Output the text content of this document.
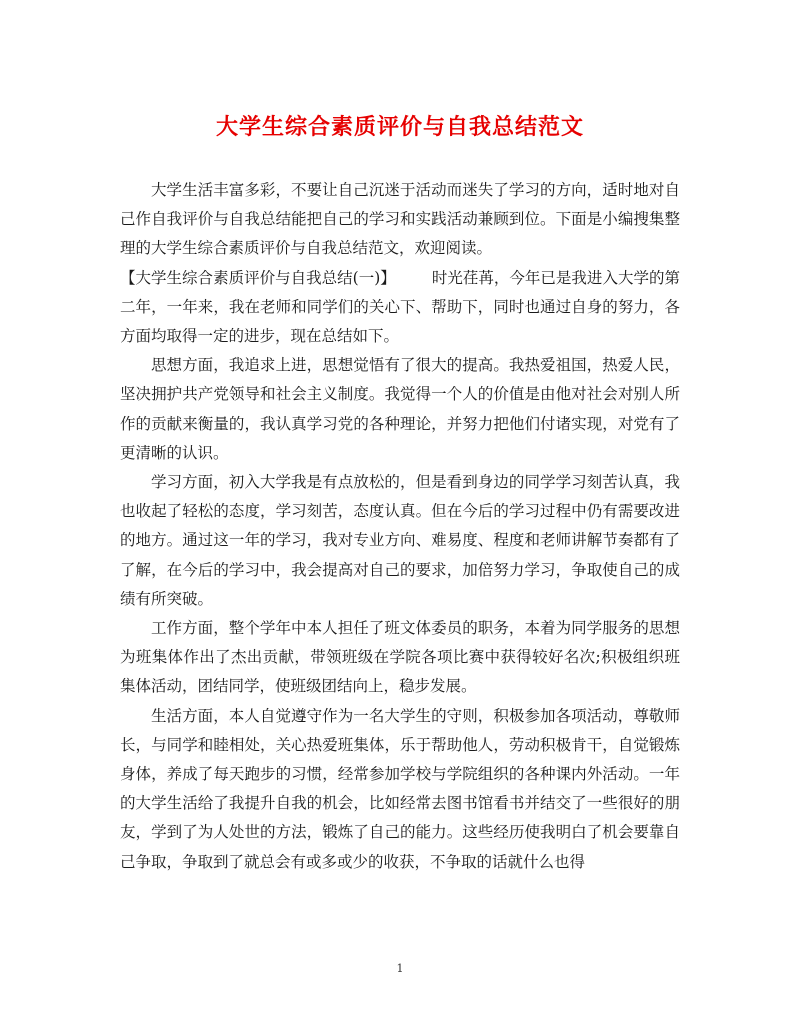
大学生综合素质评价与自我总结范文

大学生活丰富多彩，不要让自己沉迷于活动而迷失了学习的方向，适时地对自己作自我评价与自我总结能把自己的学习和实践活动兼顾到位。下面是小编搜集整理的大学生综合素质评价与自我总结范文，欢迎阅读。

【大学生综合素质评价与自我总结(一)】 时光荏苒，今年已是我进入大学的第二年，一年来，我在老师和同学们的关心下、帮助下，同时也通过自身的努力，各方面均取得一定的进步，现在总结如下。

思想方面，我追求上进，思想觉悟有了很大的提高。我热爱祖国，热爱人民，坚决拥护共产党领导和社会主义制度。我觉得一个人的价值是由他对社会对别人所作的贡献来衡量的，我认真学习党的各种理论，并努力把他们付诸实现，对党有了更清晰的认识。

学习方面，初入大学我是有点放松的，但是看到身边的同学学习刻苦认真，我也收起了轻松的态度，学习刻苦，态度认真。但在今后的学习过程中仍有需要改进的地方。通过这一年的学习，我对专业方向、难易度、程度和老师讲解节奏都有了了解，在今后的学习中，我会提高对自己的要求，加倍努力学习，争取使自己的成绩有所突破。

工作方面，整个学年中本人担任了班文体委员的职务，本着为同学服务的思想为班集体作出了杰出贡献，带领班级在学院各项比赛中获得较好名次;积极组织班集体活动，团结同学，使班级团结向上，稳步发展。

生活方面，本人自觉遵守作为一名大学生的守则，积极参加各项活动，尊敬师长，与同学和睦相处，关心热爱班集体，乐于帮助他人，劳动积极肯干，自觉锻炼身体，养成了每天跑步的习惯，经常参加学校与学院组织的各种课内外活动。一年的大学生活给了我提升自我的机会，比如经常去图书馆看书并结交了一些很好的朋友，学到了为人处世的方法，锻炼了自己的能力。这些经历使我明白了机会要靠自己争取，争取到了就总会有或多或少的收获，不争取的话就什么也得

1
